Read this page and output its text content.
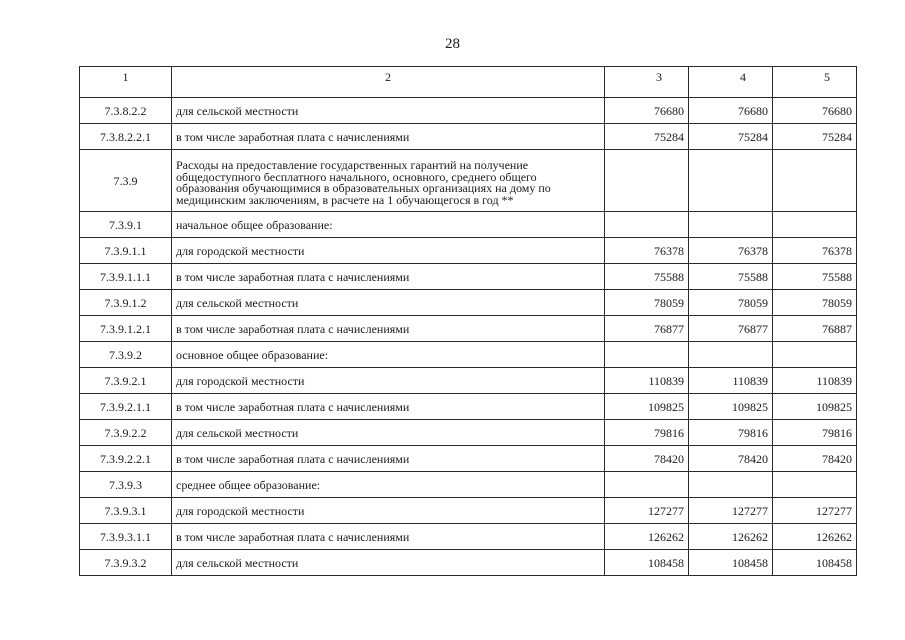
28
1	2	3	4	5
7.3.8.2.2	для сельской местности	76680	76680	76680
7.3.8.2.2.1	в том числе заработная плата с начислениями	75284	75284	75284
7.3.9	Расходы на предоставление государственных гарантий на получение общедоступного бесплатного начального, основного, среднего общего образования обучающимися в образовательных организациях на дому по медицинским заключениям, в расчете на 1 обучающегося в год **			
7.3.9.1	начальное общее образование:			
7.3.9.1.1	для городской местности	76378	76378	76378
7.3.9.1.1.1	в том числе заработная плата с начислениями	75588	75588	75588
7.3.9.1.2	для сельской местности	78059	78059	78059
7.3.9.1.2.1	в том числе заработная плата с начислениями	76877	76877	76887
7.3.9.2	основное общее образование:			
7.3.9.2.1	для городской местности	110839	110839	110839
7.3.9.2.1.1	в том числе заработная плата с начислениями	109825	109825	109825
7.3.9.2.2	для сельской местности	79816	79816	79816
7.3.9.2.2.1	в том числе заработная плата с начислениями	78420	78420	78420
7.3.9.3	среднее общее образование:			
7.3.9.3.1	для городской местности	127277	127277	127277
7.3.9.3.1.1	в том числе заработная плата с начислениями	126262	126262	126262
7.3.9.3.2	для сельской местности	108458	108458	108458
